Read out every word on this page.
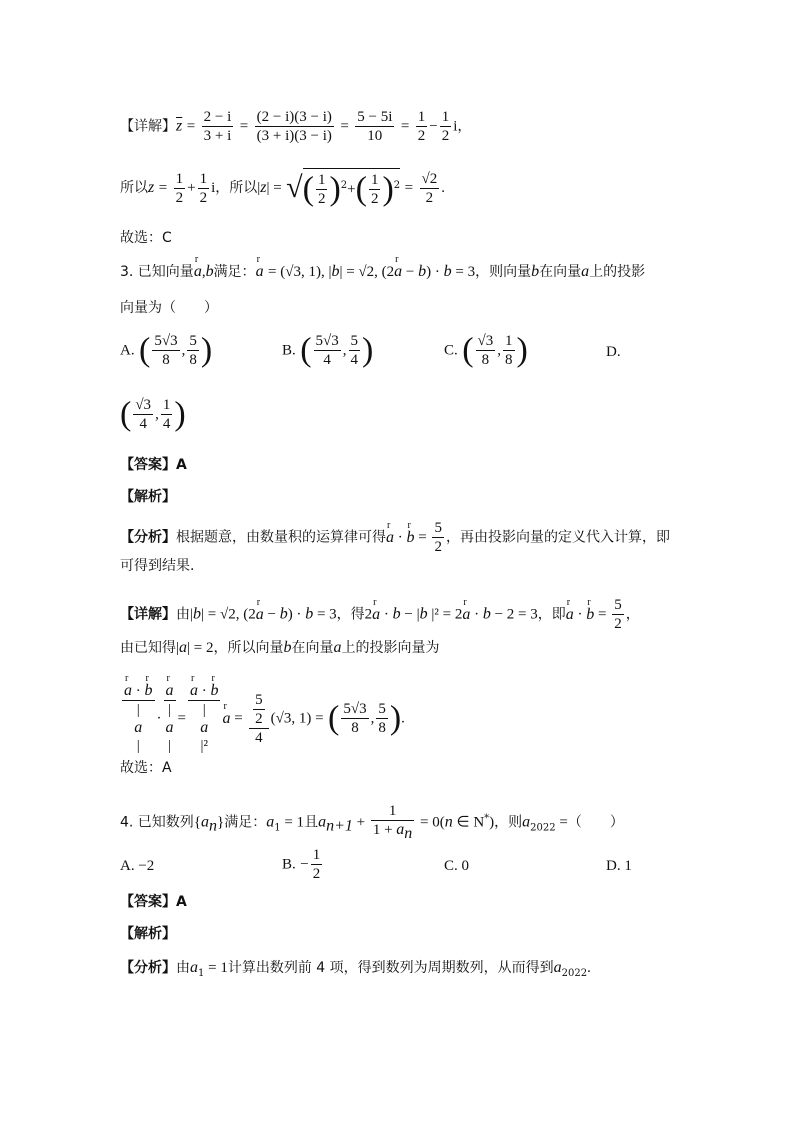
【详解】$\overline{z} = \frac{2 - i}{3 + i} = \frac{(2 - i)(3 - i)}{(3 + i)(3 - i)} = \frac{5 - 5i}{10} = \frac{1}{2} - \frac{1}{2}$ i，
所以$z = \frac{1}{2} + \frac{1}{2}$ i，所以|z| = √( $\frac{1}{2} )^2+( \frac{1}{2} )^2 = \frac{√2}{2}$ .
故选：C
3. 已知向量r a,b满足：r a = (√3, 1), |b| = √2, (2r a − b) · b = 3，则向量b在向量a上的投影
向量为（　　）
A. ( $\frac{5√3}{8}$ , $\frac{5}{8}$ )	B. ( $\frac{5√3}{4}$ , $\frac{5}{4}$ )	C. ( $\frac{√3}{8}$ , $\frac{1}{8}$ )	D.
( $\frac{√3}{4}$ , $\frac{1}{4}$ )
【答案】A
【解析】
【分析】根据题意，由数量积的运算律可得r a · r $b = \frac{5}{2}$ ，再由投影向量的定义代入计算，即
可得到结果.
【详解】由|b| = √2, (2r a − b) · b = 3，得2r a · b − |b |² = 2r a · b − 2 = 3，即r a · r $b = \frac{5}{2}$ ，
由已知得|a| = 2，所以向量b在向量a上的投影向量为
r a · r b
|
a
|
·
r a
|
a
|
=
r a · r b
|
a
|²
r $a = \frac{\frac{5}{2}}{4} (√3$, 1) = ( $\frac{5√3}{8}$ , $\frac{5}{8}$ ).
故选：A
4. 已知数列$\{a_n\}$满足：$a_1 = 1$且$a_{n+1} + \frac{1}{1 + a_n} = 0(n$ ∈ N*)，则$a_{2022}$ =（　　）
A. −2	B. − $\frac{1}{2}$	C. 0	D. 1
【答案】A
【解析】
【分析】由$a_1 = 1$计算出数列前 4 项，得到数列为周期数列，从而得到$a_{2022}$.
